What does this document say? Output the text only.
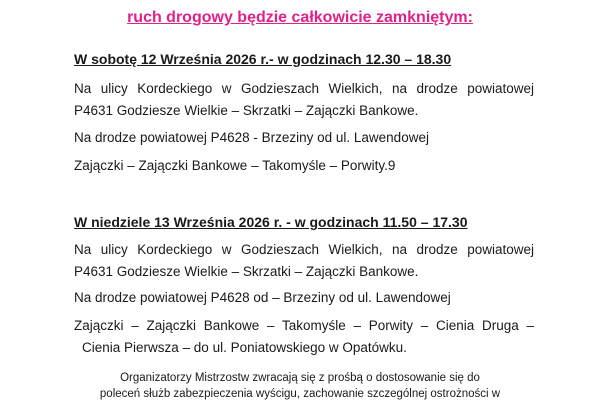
ruch drogowy będzie całkowicie zamkniętym:
W sobotę 12 Września 2026 r.- w godzinach 12.30 – 18.30
Na ulicy Kordeckiego w Godzieszach Wielkich, na drodze powiatowej
P4631 Godziesze Wielkie – Skrzatki – Zajączki Bankowe.
Na drodze powiatowej P4628 - Brzeziny od ul. Lawendowej
Zajączki – Zajączki Bankowe – Takomyśle – Porwity.9
W niedziele 13 Września 2026 r. - w godzinach 11.50 – 17.30
Na ulicy Kordeckiego w Godzieszach Wielkich, na drodze powiatowej
P4631 Godziesze Wielkie – Skrzatki – Zajączki Bankowe.
Na drodze powiatowej P4628 od – Brzeziny od ul. Lawendowej
Zajączki – Zajączki Bankowe – Takomyśle – Porwity – Cienia Druga –
Cienia Pierwsza – do ul. Poniatowskiego w Opatówku.
Organizatorzy Mistrzostw zwracają się z prośbą o dostosowanie się do
poleceń służb zabezpieczenia wyścigu, zachowanie szczególnej ostrożności w
